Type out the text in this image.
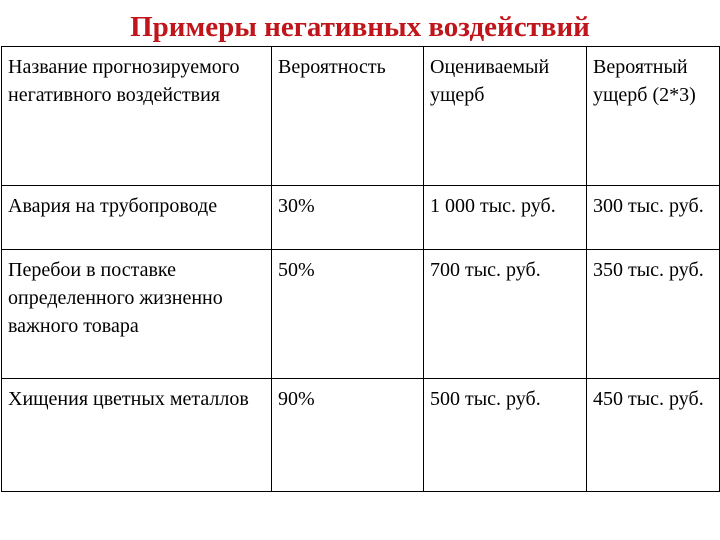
Примеры негативных воздействий
Название прогнозируемого негативного воздействия	Вероятность	Оцениваемый ущерб	Вероятный ущерб (2*3)
Авария на трубопроводе	30%	1 000 тыс. руб.	300 тыс. руб.
Перебои в поставке определенного жизненно важного товара	50%	700 тыс. руб.	350 тыс. руб.
Хищения цветных металлов	90%	500 тыс. руб.	450 тыс. руб.
